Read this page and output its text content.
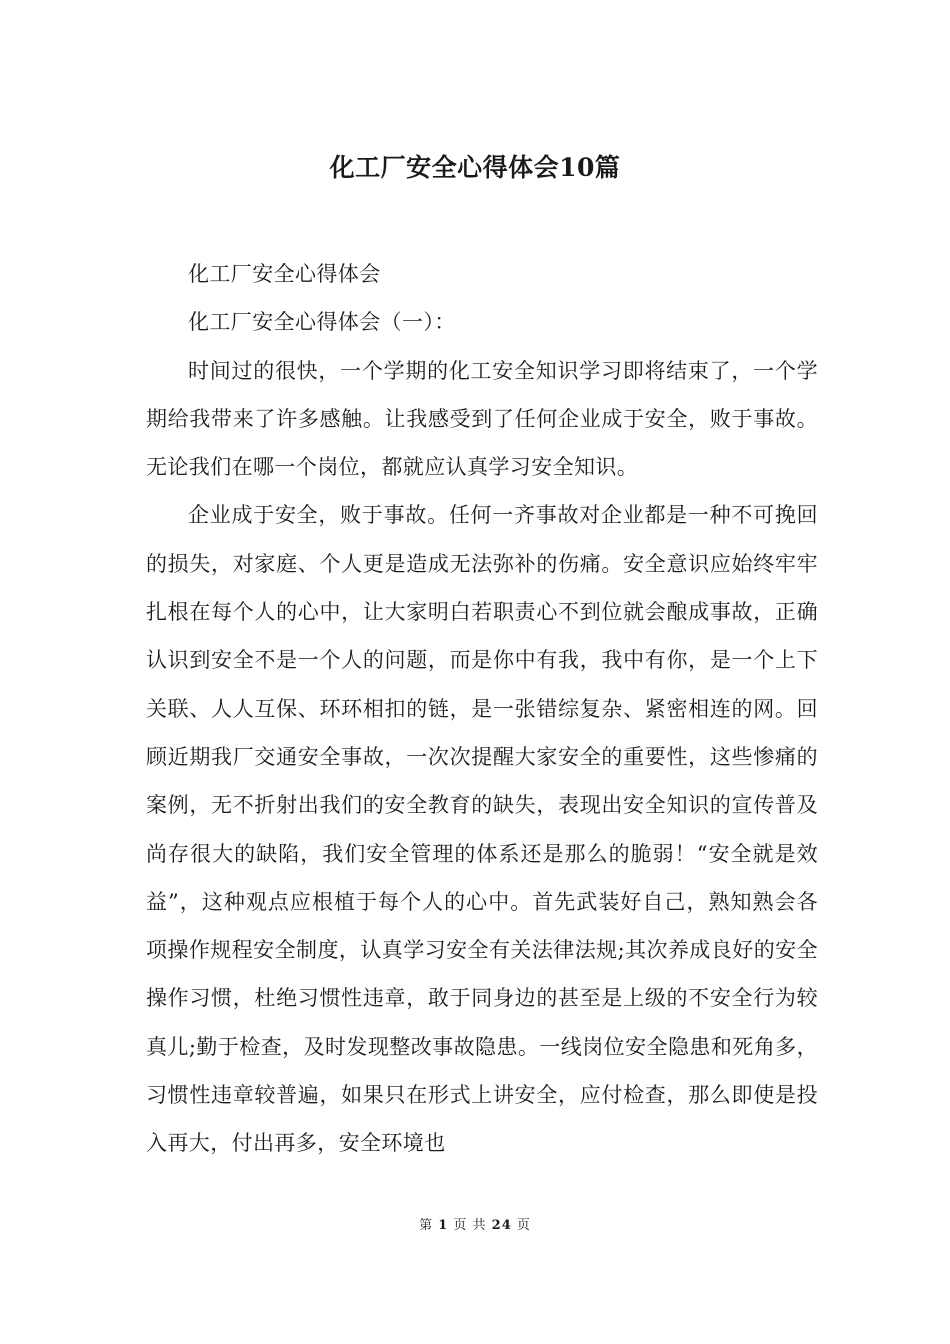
化工厂安全心得体会10篇

化工厂安全心得体会

化工厂安全心得体会（一）：

时间过的很快，一个学期的化工安全知识学习即将结束了，一个学期给我带来了许多感触。让我感受到了任何企业成于安全，败于事故。无论我们在哪一个岗位，都就应认真学习安全知识。

企业成于安全，败于事故。任何一齐事故对企业都是一种不可挽回的损失，对家庭、个人更是造成无法弥补的伤痛。安全意识应始终牢牢扎根在每个人的心中，让大家明白若职责心不到位就会酿成事故，正确认识到安全不是一个人的问题，而是你中有我，我中有你，是一个上下关联、人人互保、环环相扣的链，是一张错综复杂、紧密相连的网。回顾近期我厂交通安全事故，一次次提醒大家安全的重要性，这些惨痛的案例，无不折射出我们的安全教育的缺失，表现出安全知识的宣传普及尚存很大的缺陷，我们安全管理的体系还是那么的脆弱！“安全就是效益”，这种观点应根植于每个人的心中。首先武装好自己，熟知熟会各项操作规程安全制度，认真学习安全有关法律法规;其次养成良好的安全操作习惯，杜绝习惯性违章，敢于同身边的甚至是上级的不安全行为较真儿;勤于检查，及时发现整改事故隐患。一线岗位安全隐患和死角多，习惯性违章较普遍，如果只在形式上讲安全，应付检查，那么即使是投入再大，付出再多，安全环境也

第 1 页 共 24 页
